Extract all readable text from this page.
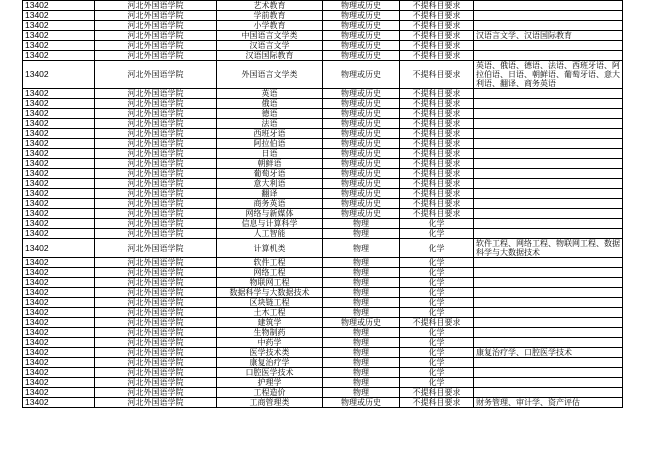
13402	河北外国语学院	艺术教育	物理或历史	不提科目要求	
13402	河北外国语学院	学前教育	物理或历史	不提科目要求	
13402	河北外国语学院	小学教育	物理或历史	不提科目要求	
13402	河北外国语学院	中国语言文学类	物理或历史	不提科目要求	汉语言文学、汉语国际教育
13402	河北外国语学院	汉语言文学	物理或历史	不提科目要求	
13402	河北外国语学院	汉语国际教育	物理或历史	不提科目要求	
13402	河北外国语学院	外国语言文学类	物理或历史	不提科目要求	英语、俄语、德语、法语、西班牙语、阿拉伯语、日语、朝鲜语、葡萄牙语、意大利语、翻译、商务英语
13402	河北外国语学院	英语	物理或历史	不提科目要求	
13402	河北外国语学院	俄语	物理或历史	不提科目要求	
13402	河北外国语学院	德语	物理或历史	不提科目要求	
13402	河北外国语学院	法语	物理或历史	不提科目要求	
13402	河北外国语学院	西班牙语	物理或历史	不提科目要求	
13402	河北外国语学院	阿拉伯语	物理或历史	不提科目要求	
13402	河北外国语学院	日语	物理或历史	不提科目要求	
13402	河北外国语学院	朝鲜语	物理或历史	不提科目要求	
13402	河北外国语学院	葡萄牙语	物理或历史	不提科目要求	
13402	河北外国语学院	意大利语	物理或历史	不提科目要求	
13402	河北外国语学院	翻译	物理或历史	不提科目要求	
13402	河北外国语学院	商务英语	物理或历史	不提科目要求	
13402	河北外国语学院	网络与新媒体	物理或历史	不提科目要求	
13402	河北外国语学院	信息与计算科学	物理	化学	
13402	河北外国语学院	人工智能	物理	化学	
13402	河北外国语学院	计算机类	物理	化学	软件工程、网络工程、物联网工程、数据科学与大数据技术
13402	河北外国语学院	软件工程	物理	化学	
13402	河北外国语学院	网络工程	物理	化学	
13402	河北外国语学院	物联网工程	物理	化学	
13402	河北外国语学院	数据科学与大数据技术	物理	化学	
13402	河北外国语学院	区块链工程	物理	化学	
13402	河北外国语学院	土木工程	物理	化学	
13402	河北外国语学院	建筑学	物理或历史	不提科目要求	
13402	河北外国语学院	生物制药	物理	化学	
13402	河北外国语学院	中药学	物理	化学	
13402	河北外国语学院	医学技术类	物理	化学	康复治疗学、口腔医学技术
13402	河北外国语学院	康复治疗学	物理	化学	
13402	河北外国语学院	口腔医学技术	物理	化学	
13402	河北外国语学院	护理学	物理	化学	
13402	河北外国语学院	工程造价	物理	不提科目要求	
13402	河北外国语学院	工商管理类	物理或历史	不提科目要求	财务管理、审计学、资产评估
